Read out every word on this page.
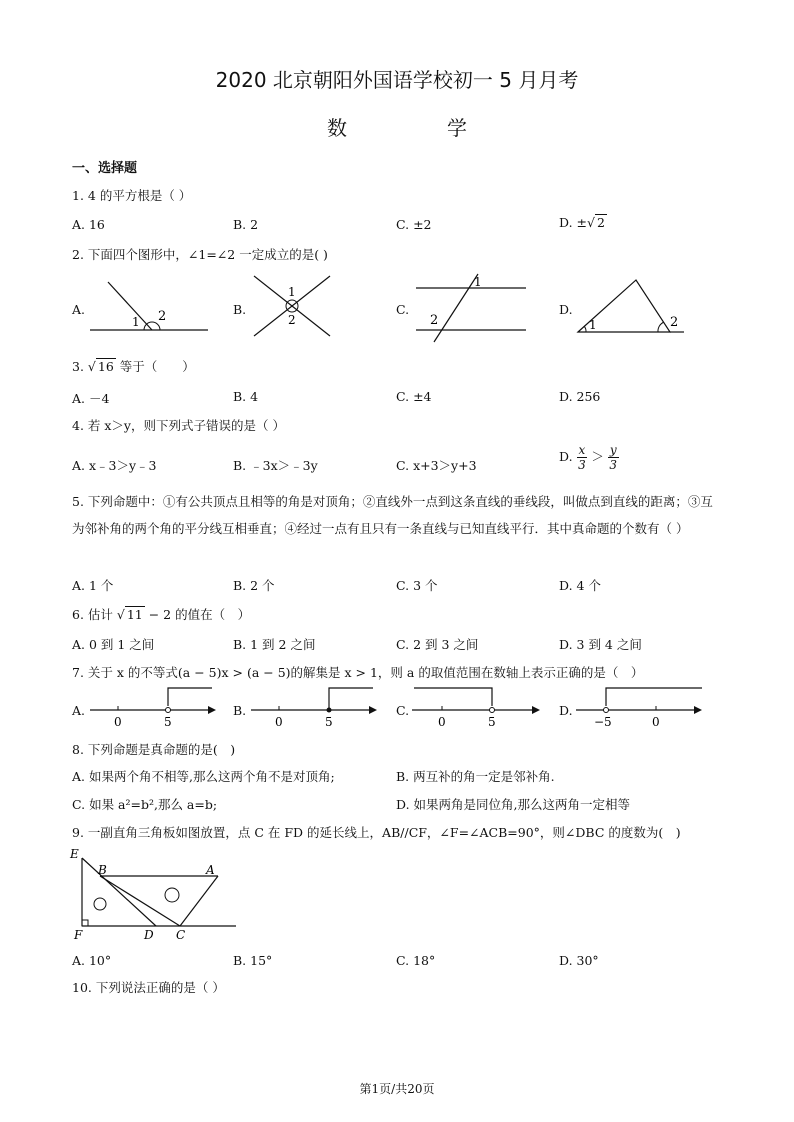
2020 北京朝阳外国语学校初一 5 月月考
数　学
一、选择题
1. 4 的平方根是（ ）
A. 16	B. 2	C. ±2	D. ±√ 2
2. 下面四个图形中，∠1=∠2 一定成立的是( )
A.
1 2	B.
1
2
C.
1
2
D.
1	2
3. √ 16 等于（　　）
A. －4	B. 4	C. ±4	D. 256
4. 若 x＞y，则下列式子错误的是（ ）
A. x﹣3＞y﹣3	B. ﹣3x＞﹣3y	C. x+3＞y+3
D. $\frac{x}{3} > \frac{y}{3}$
5. 下列命题中：①有公共顶点且相等的角是对顶角；②直线外一点到这条直线的垂线段，叫做点到直线的距离；③互为邻补角的两个角的平分线互相垂直；④经过一点有且只有一条直线与已知直线平行．其中真命题的个数有（ ）
A. 1 个	B. 2 个	C. 3 个	D. 4 个
6. 估计 √ 11 − 2 的值在（　）
A. 0 到 1 之间	B. 1 到 2 之间	C. 2 到 3 之间	D. 3 到 4 之间
7. 关于 x 的不等式(a − 5)x > (a − 5)的解集是 x > 1，则 a 的取值范围在数轴上表示正确的是（　）
A.
0	5
B.
0	5
C.
0	5
D.
−5	0
8. 下列命题是真命题的是(　)
A. 如果两个角不相等,那么这两个角不是对顶角;	B. 两互补的角一定是邻补角.
C. 如果 a²=b²,那么 a=b;	D. 如果两角是同位角,那么这两角一定相等
9. 一副直角三角板如图放置，点 C 在 FD 的延长线上，AB//CF，∠F=∠ACB=90°，则∠DBC 的度数为(　)
E
B	A
F	D C
A. 10°	B. 15°	C. 18°	D. 30°
10. 下列说法正确的是（ ）
第1页/共20页
